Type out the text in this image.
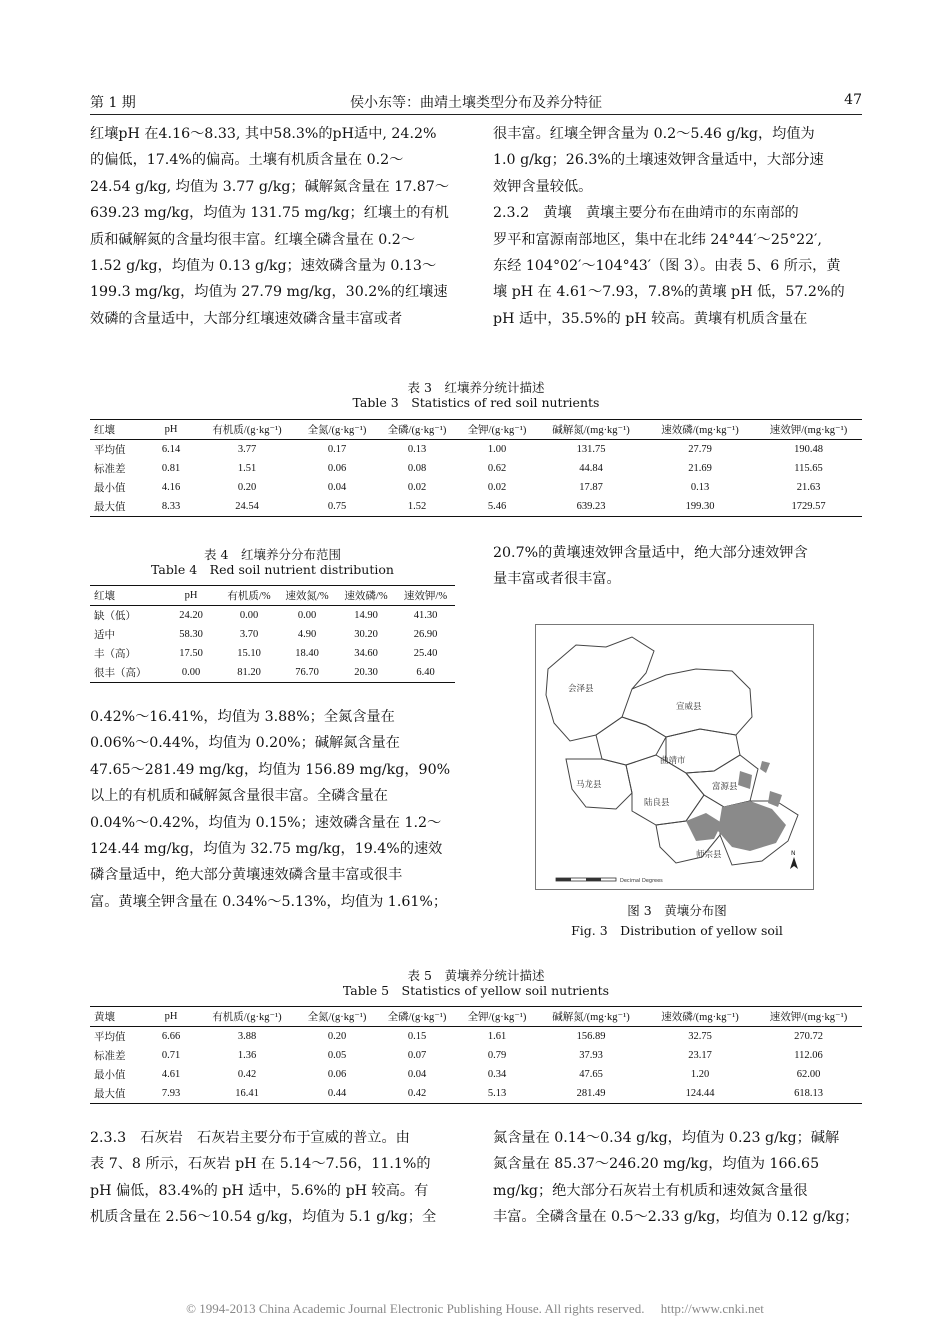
第 1 期	侯小东等：曲靖土壤类型分布及养分特征	47

红壤pH 在4.16～8.33, 其中58.3%的pH适中, 24.2%

的偏低，17.4%的偏高。土壤有机质含量在 0.2～

24.54 g/kg, 均值为 3.77 g/kg；碱解氮含量在 17.87～

639.23 mg/kg，均值为 131.75 mg/kg；红壤土的有机

质和碱解氮的含量均很丰富。红壤全磷含量在 0.2～

1.52 g/kg，均值为 0.13 g/kg；速效磷含量为 0.13～

199.3 mg/kg，均值为 27.79 mg/kg，30.2%的红壤速

效磷的含量适中，大部分红壤速效磷含量丰富或者

很丰富。红壤全钾含量为 0.2～5.46 g/kg，均值为

1.0 g/kg；26.3%的土壤速效钾含量适中，大部分速

效钾含量较低。

2.3.2　黄壤　黄壤主要分布在曲靖市的东南部的

罗平和富源南部地区，集中在北纬 24°44′～25°22′,

东经 104°02′～104°43′（图 3）。由表 5、6 所示，黄

壤 pH 在 4.61～7.93，7.8%的黄壤 pH 低，57.2%的

pH 适中，35.5%的 pH 较高。黄壤有机质含量在

表 3　红壤养分统计描述
Table 3　Statistics of red soil nutrients
红壤	pH	有机质/(g·kg⁻¹)	全氮/(g·kg⁻¹)	全磷/(g·kg⁻¹)	全钾/(g·kg⁻¹)	碱解氮/(mg·kg⁻¹)	速效磷/(mg·kg⁻¹)	速效钾/(mg·kg⁻¹)
平均值	6.14	3.77	0.17	0.13	1.00	131.75	27.79	190.48
标准差	0.81	1.51	0.06	0.08	0.62	44.84	21.69	115.65
最小值	4.16	0.20	0.04	0.02	0.02	17.87	0.13	21.63
最大值	8.33	24.54	0.75	1.52	5.46	639.23	199.30	1729.57
表 4　红壤养分分布范围
Table 4　Red soil nutrient distribution
红壤	pH	有机质/%	速效氮/%	速效磷/%	速效钾/%
缺（低）	24.20	0.00	0.00	14.90	41.30
适中	58.30	3.70	4.90	30.20	26.90
丰（高）	17.50	15.10	18.40	34.60	25.40
很丰（高）	0.00	81.20	76.70	20.30	6.40

20.7%的黄壤速效钾含量适中，绝大部分速效钾含

量丰富或者很丰富。

会泽县
宣威县
曲靖市
马龙县	富源县
陆良县
师宗县
Decimal Degrees
N
图 3　黄壤分布图
Fig. 3　Distribution of yellow soil

0.42%～16.41%，均值为 3.88%；全氮含量在

0.06%～0.44%，均值为 0.20%；碱解氮含量在

47.65～281.49 mg/kg，均值为 156.89 mg/kg，90%

以上的有机质和碱解氮含量很丰富。全磷含量在

0.04%～0.42%，均值为 0.15%；速效磷含量在 1.2～

124.44 mg/kg，均值为 32.75 mg/kg，19.4%的速效

磷含量适中，绝大部分黄壤速效磷含量丰富或很丰

富。黄壤全钾含量在 0.34%～5.13%，均值为 1.61%；

表 5　黄壤养分统计描述
Table 5　Statistics of yellow soil nutrients
黄壤	pH	有机质/(g·kg⁻¹)	全氮/(g·kg⁻¹)	全磷/(g·kg⁻¹)	全钾/(g·kg⁻¹)	碱解氮/(mg·kg⁻¹)	速效磷/(mg·kg⁻¹)	速效钾/(mg·kg⁻¹)
平均值	6.66	3.88	0.20	0.15	1.61	156.89	32.75	270.72
标准差	0.71	1.36	0.05	0.07	0.79	37.93	23.17	112.06
最小值	4.61	0.42	0.06	0.04	0.34	47.65	1.20	62.00
最大值	7.93	16.41	0.44	0.42	5.13	281.49	124.44	618.13

2.3.3　石灰岩　石灰岩主要分布于宣威的普立。由

表 7、8 所示，石灰岩 pH 在 5.14～7.56，11.1%的

pH 偏低，83.4%的 pH 适中，5.6%的 pH 较高。有

机质含量在 2.56～10.54 g/kg，均值为 5.1 g/kg；全

氮含量在 0.14～0.34 g/kg，均值为 0.23 g/kg；碱解

氮含量在 85.37～246.20 mg/kg，均值为 166.65

mg/kg；绝大部分石灰岩土有机质和速效氮含量很

丰富。全磷含量在 0.5～2.33 g/kg，均值为 0.12 g/kg；

© 1994-2013 China Academic Journal Electronic Publishing House. All rights reserved.　 http://www.cnki.net
